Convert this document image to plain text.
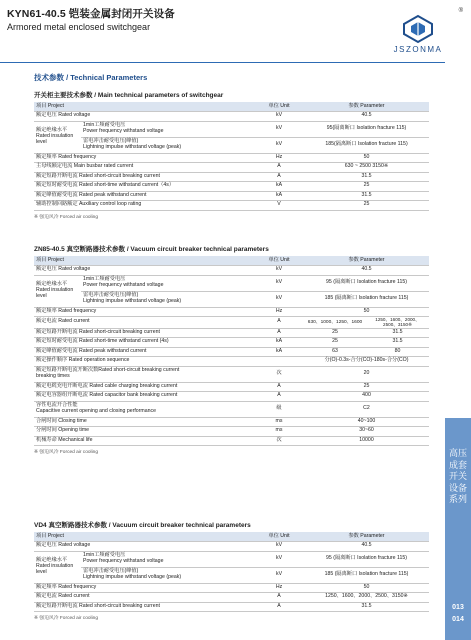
KYN61-40.5 铠装金属封闭开关设备
Armored metal enclosed switchgear
®
JSZONMA
技术参数 / Technical Parameters
开关柜主要技术参数 / Main technical parameters of switchgear
项目 Project		单位 Unit	参数 Parameter
额定电压 Rated voltage		kV	40.5
额定绝缘水平
Rated insulation level	1min工频耐受电压
Power frequency withstand voltage	kV	95(隔离断口 Isolation fracture 115)
	雷电冲击耐受电压(峰值)
Lightning impulse withstand voltage (peak)	kV	185(隔离断口 Isolation fracture 115)
额定频率 Rated frequency		Hz	50
主母线额定电流 Main busbar rated current		A	630 ~ 2500 3150※
额定短路开断电流 Rated short-circuit breaking current		A	31.5
额定短时耐受电流 Rated short-time withstand current（4s）		kA	25
额定峰值耐受电流 Rated peak withstand current		kA	31.5
辅助控制回路额定 Auxiliary control loop rating		V	25
※ 强迫风冷 Forced air cooling
ZN85-40.5 真空断路器技术参数 / Vacuum circuit breaker technical parameters
项目 Project		单位 Unit	参数 Parameter	
额定电压 Rated voltage		kV	40.5	
额定绝缘水平
Rated insulation level	1min工频耐受电压
Power frequency withstand voltage	kV	95 (隔离断口 Isolation fracture 115)	
	雷电冲击耐受电压(峰值)
Lightning impulse withstand voltage (peak)	kV	185 (隔离断口 Isolation fracture 115)	
额定频率 Rated frequency		Hz	50	
额定电流 Rated current		A	630、1000、1250、1600	1250、1600、2000、2500、3150※
额定短路开断电流 Rated short-circuit breaking current		A	25	31.5
额定短时耐受电流 Rated short-time withstand current (4s)		kA	25	31.5
额定峰值耐受电流 Rated peak withstand current		kA	63	80
额定操作顺序 Rated operation sequence			分(O)-0.3s-合分(CO)-180s-合分(CO)	
额定短路开断电流开断次数Rated short-circuit breaking current
breaking times		次	20	
额定电缆充电开断电流 Rated cable charging breaking current		A	25	
额定电容器组开断电流 Rated capacitor bank breaking current		A	400	
容性电流开合性能
Capacitive current opening and closing performance		级	C2	
合闸时间 Closing time		ms	40~100	
分闸时间 Opening time		ms	30~60	
机械寿命 Mechanical life		次	10000	
※ 强迫风冷 Forced air cooling
VD4 真空断路器技术参数 / Vacuum circuit breaker technical parameters
项目 Project		单位 Unit	参数 Parameter
额定电压 Rated voltage		kV	40.5
额定绝缘水平
Rated insulation level	1min工频耐受电压
Power frequency withstand voltage	kV	95 (隔离断口 Isolation fracture 115)
	雷电冲击耐受电压(峰值)
Lightning impulse withstand voltage (peak)	kV	185 (隔离断口 Isolation fracture 115)
额定频率 Rated frequency		Hz	50
额定电流 Rated current		A	1250、1600、2000、2500、3150※
额定短路开断电流 Rated short-circuit breaking current		A	31.5
※ 强迫风冷 Forced air cooling
高压成套开关设备系列
013
014
